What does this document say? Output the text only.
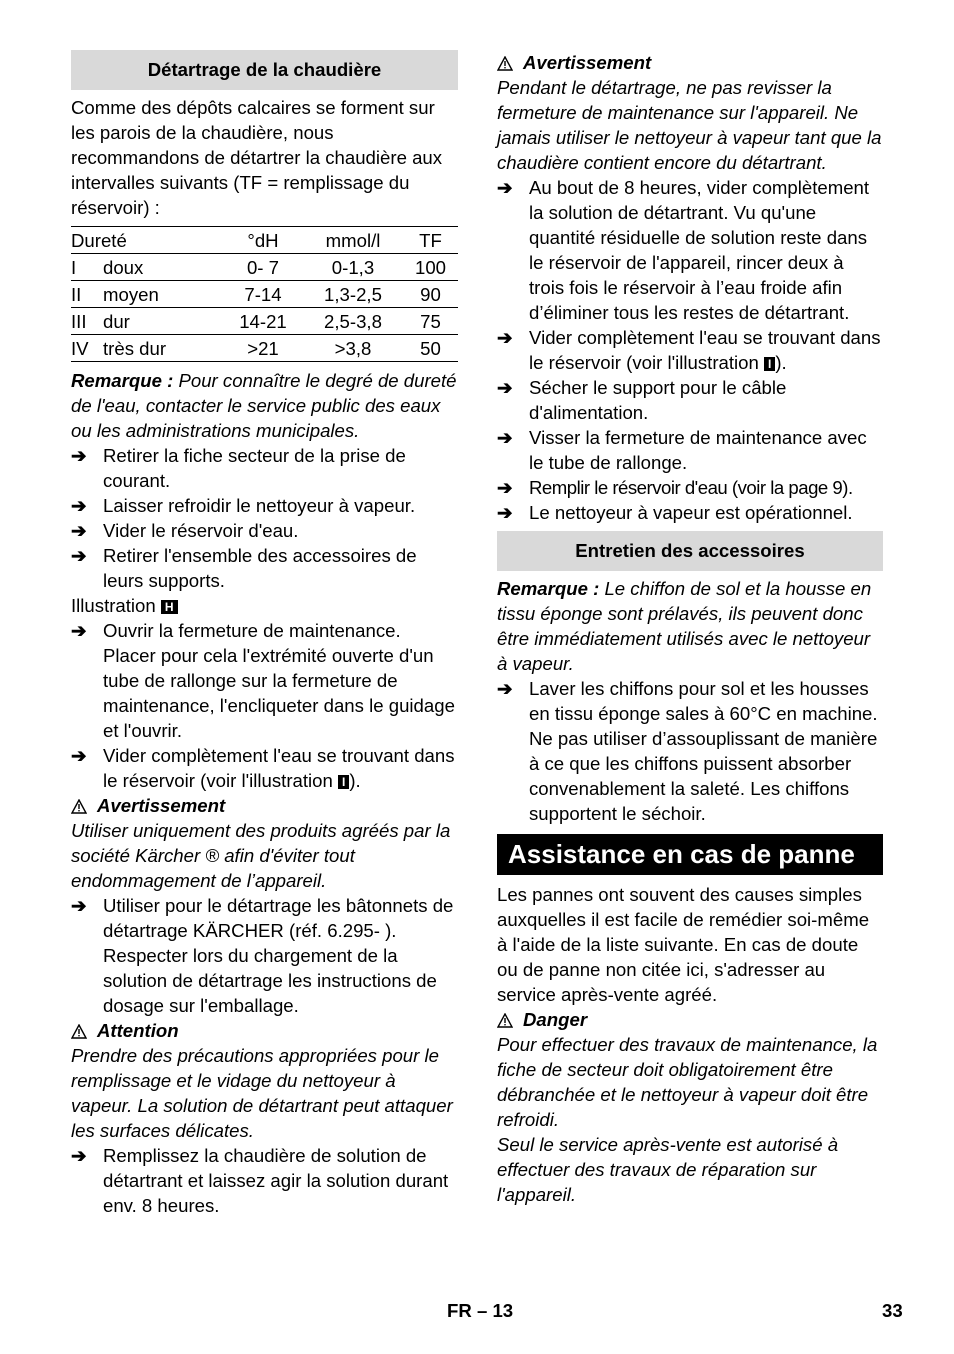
Détartrage de la chaudière

Comme des dépôts calcaires se forment sur les parois de la chaudière, nous recommandons de détartrer la chaudière aux intervalles suivants (TF = remplissage du réservoir) :

Dureté		°dH	mmol/l	TF
I	doux	0- 7	0-1,3	100
II	moyen	7-14	1,3-2,5	90
III	dur	14-21	2,5-3,8	75
IV	très dur	>21	>3,8	50

Remarque : Pour connaître le degré de dureté de l'eau, contacter le service public des eaux ou les administrations municipales.

➔ Retirer la fiche secteur de la prise de courant.
➔ Laisser refroidir le nettoyeur à vapeur.
➔ Vider le réservoir d'eau.
➔ Retirer l'ensemble des accessoires de leurs supports.

Illustration H

➔ Ouvrir la fermeture de maintenance. Placer pour cela l'extrémité ouverte d'un tube de rallonge sur la fermeture de maintenance, l'encliqueter dans le guidage et l'ouvrir.
➔ Vider complètement l'eau se trouvant dans le réservoir (voir l'illustration I ).

Avertissement

Utiliser uniquement des produits agréés par la société Kärcher ® afin d'éviter tout endommagement de l’appareil.

➔ Utiliser pour le détartrage les bâtonnets de détartrage KÄRCHER (réf. 6.295- ). Respecter lors du chargement de la solution de détartrage les instructions de dosage sur l'emballage.

Attention

Prendre des précautions appropriées pour le remplissage et le vidage du nettoyeur à vapeur. La solution de détartrant peut attaquer les surfaces délicates.

➔ Remplissez la chaudière de solution de détartrant et laissez agir la solution durant env. 8 heures.

Avertissement

Pendant le détartrage, ne pas revisser la fermeture de maintenance sur l'appareil. Ne jamais utiliser le nettoyeur à vapeur tant que la chaudière contient encore du détartrant.

➔ Au bout de 8 heures, vider complètement la solution de détartrant. Vu qu'une quantité résiduelle de solution reste dans le réservoir de l'appareil, rincer deux à trois fois le réservoir à l’eau froide afin d’éliminer tous les restes de détartrant.
➔ Vider complètement l'eau se trouvant dans le réservoir (voir l'illustration I ).
➔ Sécher le support pour le câble d'alimentation.
➔ Visser la fermeture de maintenance avec le tube de rallonge.
➔ Remplir le réservoir d'eau (voir la page 9).
➔ Le nettoyeur à vapeur est opérationnel.
Entretien des accessoires

Remarque : Le chiffon de sol et la housse en tissu éponge sont prélavés, ils peuvent donc être immédiatement utilisés avec le nettoyeur à vapeur.

➔ Laver les chiffons pour sol et les housses en tissu éponge sales à 60°C en machine. Ne pas utiliser d’assouplissant de manière à ce que les chiffons puissent absorber convenablement la saleté. Les chiffons supportent le séchoir.
Assistance en cas de panne

Les pannes ont souvent des causes simples auxquelles il est facile de remédier soi-même à l'aide de la liste suivante. En cas de doute ou de panne non citée ici, s'adresser au service après-vente agréé.

Danger

Pour effectuer des travaux de maintenance, la fiche de secteur doit obligatoirement être débranchée et le nettoyeur à vapeur doit être refroidi.

Seul le service après-vente est autorisé à effectuer des travaux de réparation sur l'appareil.

FR – 13	33
